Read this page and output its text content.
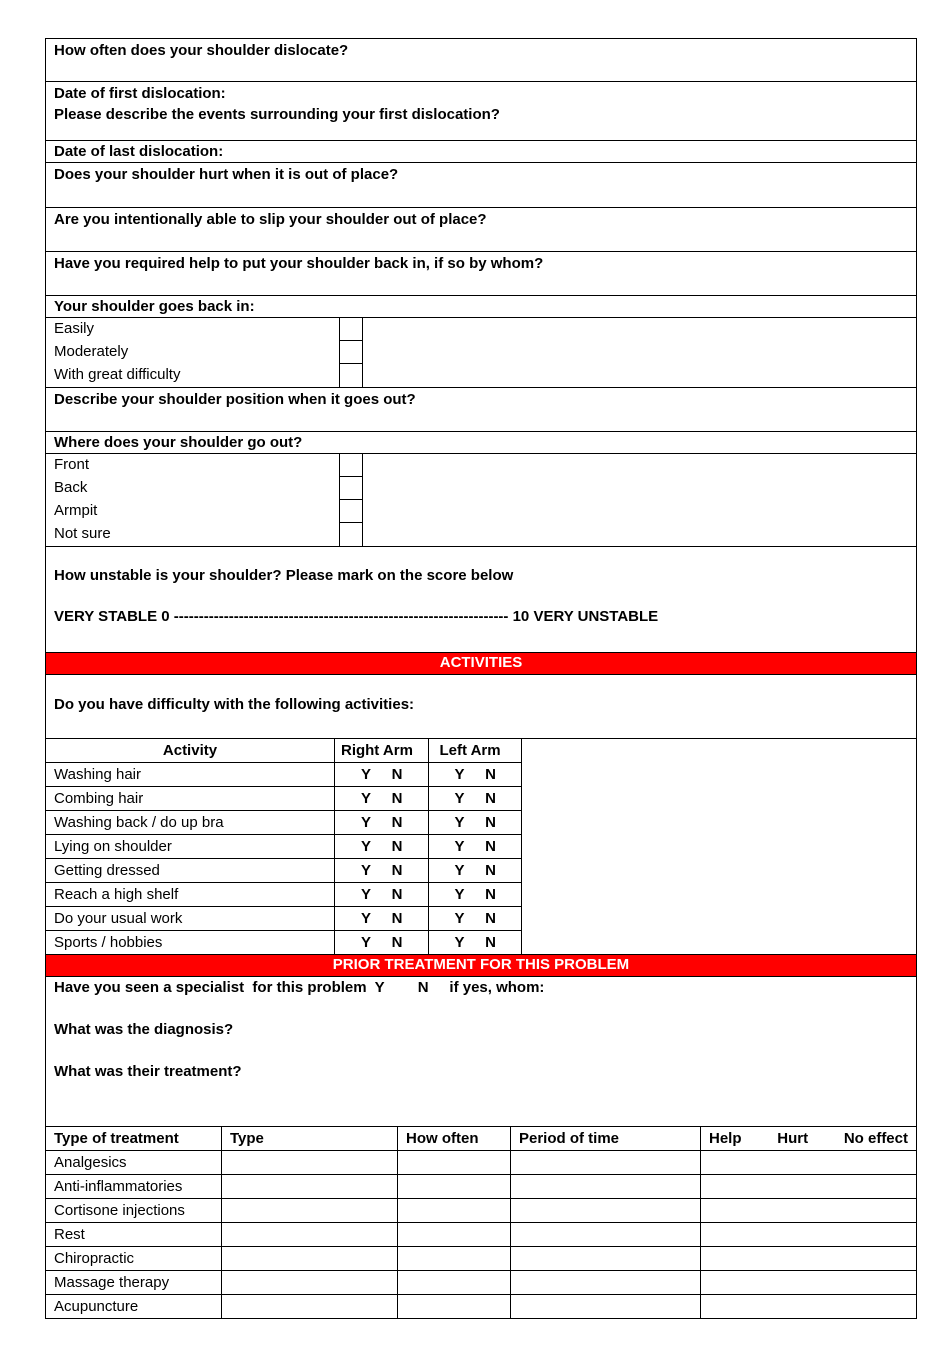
How often does your shoulder dislocate?
Date of first dislocation:
Please describe the events surrounding your first dislocation?
Date of last dislocation:
Does your shoulder hurt when it is out of place?
Are you intentionally able to slip your shoulder out of place?
Have you required help to put your shoulder back in, if so by whom?
Your shoulder goes back in:
Easily
Moderately
With great difficulty
Describe your shoulder position when it goes out?
Where does your shoulder go out?
Front
Back
Armpit
Not sure
How unstable is your shoulder? Please mark on the score below
VERY STABLE 0 ------------------------------------------------------------------- 10 VERY UNSTABLE
ACTIVITIES
Do you have difficulty with the following activities:
Activity	Right Arm	Left Arm
Washing hair	Y     N	Y     N
Combing hair	Y     N	Y     N
Washing back / do up bra	Y     N	Y     N
Lying on shoulder	Y     N	Y     N
Getting dressed	Y     N	Y     N
Reach a high shelf	Y     N	Y     N
Do your usual work	Y     N	Y     N
Sports / hobbies	Y     N	Y     N
PRIOR TREATMENT FOR THIS PROBLEM
Have you seen a specialist  for this problem  Y        N     if yes, whom:
What was the diagnosis?
What was their treatment?
Type of treatment	Type	How often	Period of time	Help Hurt No effect

Analgesics				
Anti-inflammatories				
Cortisone injections				
Rest				
Chiropractic				
Massage therapy				
Acupuncture				
